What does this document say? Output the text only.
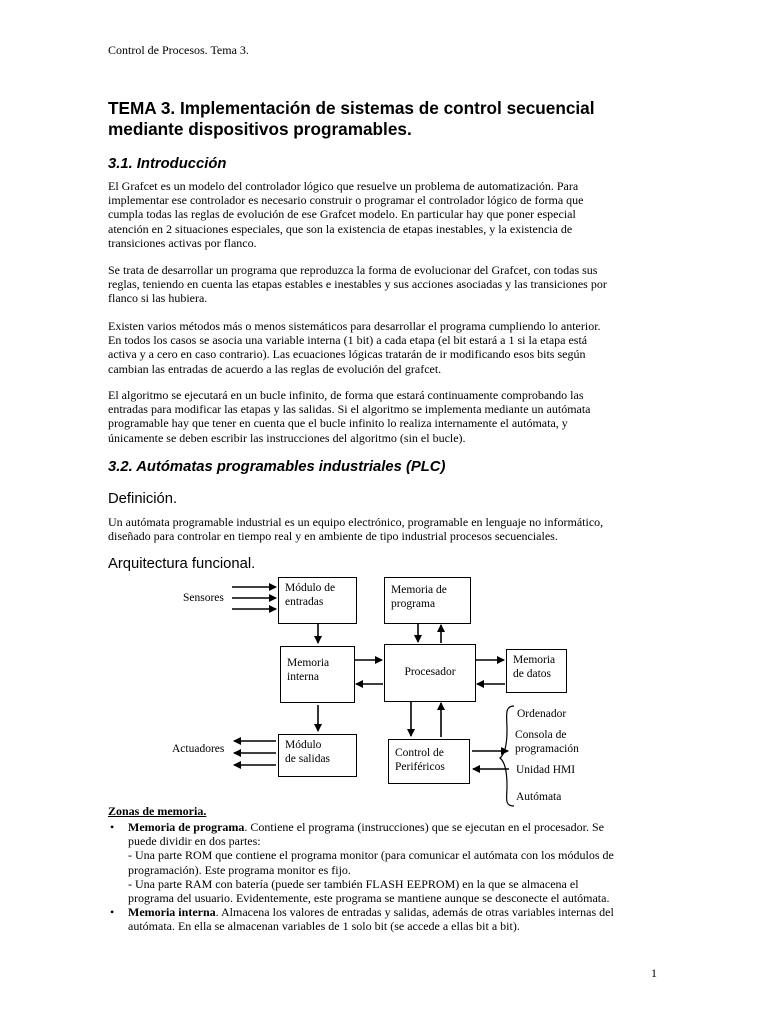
Control de Procesos. Tema 3.
TEMA 3. Implementación de sistemas de control secuencial
mediante dispositivos programables.
3.1. Introducción
El Grafcet es un modelo del controlador lógico que resuelve un problema de automatización. Para
implementar ese controlador es necesario construir o programar el controlador lógico de forma que
cumpla todas las reglas de evolución de ese Grafcet modelo. En particular hay que poner especial
atención en 2 situaciones especiales, que son la existencia de etapas inestables, y la existencia de
transiciones activas por flanco.
Se trata de desarrollar un programa que reproduzca la forma de evolucionar del Grafcet, con todas sus
reglas, teniendo en cuenta las etapas estables e inestables y sus acciones asociadas y las transiciones por
flanco si las hubiera.
Existen varios métodos más o menos sistemáticos para desarrollar el programa cumpliendo lo anterior.
En todos los casos se asocia una variable interna (1 bit) a cada etapa (el bit estará a 1 si la etapa está
activa y a cero en caso contrario). Las ecuaciones lógicas tratarán de ir modificando esos bits según
cambian las entradas de acuerdo a las reglas de evolución del grafcet.
El algoritmo se ejecutará en un bucle infinito, de forma que estará continuamente comprobando las
entradas para modificar las etapas y las salidas. Si el algoritmo se implementa mediante un autómata
programable hay que tener en cuenta que el bucle infinito lo realiza internamente el autómata, y
únicamente se deben escribir las instrucciones del algoritmo (sin el bucle).
3.2. Autómatas programables industriales (PLC)
Definición.
Un autómata programable industrial es un equipo electrónico, programable en lenguaje no informático,
diseñado para controlar en tiempo real y en ambiente de tipo industrial procesos secuenciales.
Arquitectura funcional.
Sensores
Actuadores
Módulo de
entradas
Memoria de
programa
Memoria
interna	Procesador
Memoria
de datos
Módulo
de salidas	Control de
Periféricos
Ordenador
Consola de
programación
Unidad HMI
Autómata
Zonas de memoria.
• Memoria de programa. Contiene el programa (instrucciones) que se ejecutan en el procesador. Se
puede dividir en dos partes:
- Una parte ROM que contiene el programa monitor (para comunicar el autómata con los módulos de
programación). Este programa monitor es fijo.
- Una parte RAM con batería (puede ser también FLASH EEPROM) en la que se almacena el
programa del usuario. Evidentemente, este programa se mantiene aunque se desconecte el autómata.
• Memoria interna. Almacena los valores de entradas y salidas, además de otras variables internas del
autómata. En ella se almacenan variables de 1 solo bit (se accede a ellas bit a bit).
1
